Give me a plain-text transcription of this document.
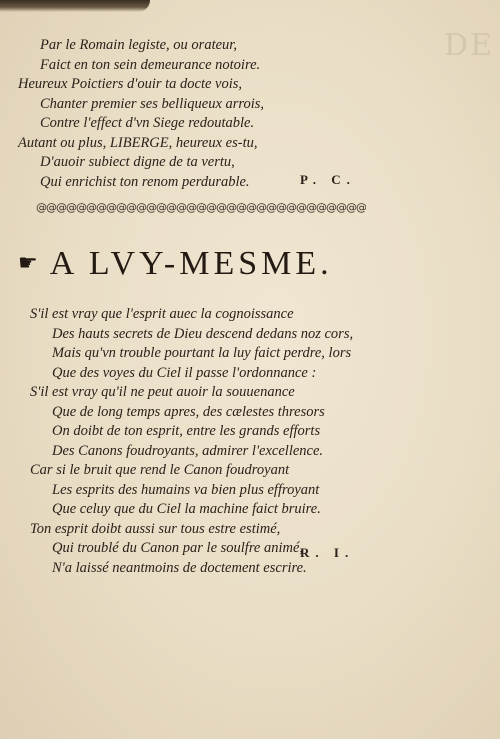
DE
Par le Romain legiste, ou orateur,
Faict en ton sein demeurance notoire.
Heureux Poictiers d'ouir ta docte vois,
Chanter premier ses belliqueux arrois,
Contre l'effect d'vn Siege redoutable.
Autant ou plus, LIBERGE, heureux es-tu,
D'auoir subiect digne de ta vertu,
Qui enrichist ton renom perdurable.	P. C.
@@@@@@@@@@@@@@@@@@@@@@@@@@@@@@@@@
☛ A LVY-MESME.
S'il est vray que l'esprit auec la cognoissance
Des hauts secrets de Dieu descend dedans noz cors,
Mais qu'vn trouble pourtant la luy faict perdre, lors
Que des voyes du Ciel il passe l'ordonnance :
S'il est vray qu'il ne peut auoir la souuenance
Que de long temps apres, des cælestes thresors
On doibt de ton esprit, entre les grands efforts
Des Canons foudroyants, admirer l'excellence.
Car si le bruit que rend le Canon foudroyant
Les esprits des humains va bien plus effroyant
Que celuy que du Ciel la machine faict bruire.
Ton esprit doibt aussi sur tous estre estimé,
Qui troublé du Canon par le soulfre animé,
N'a laissé neantmoins de doctement escrire.
R. I.
